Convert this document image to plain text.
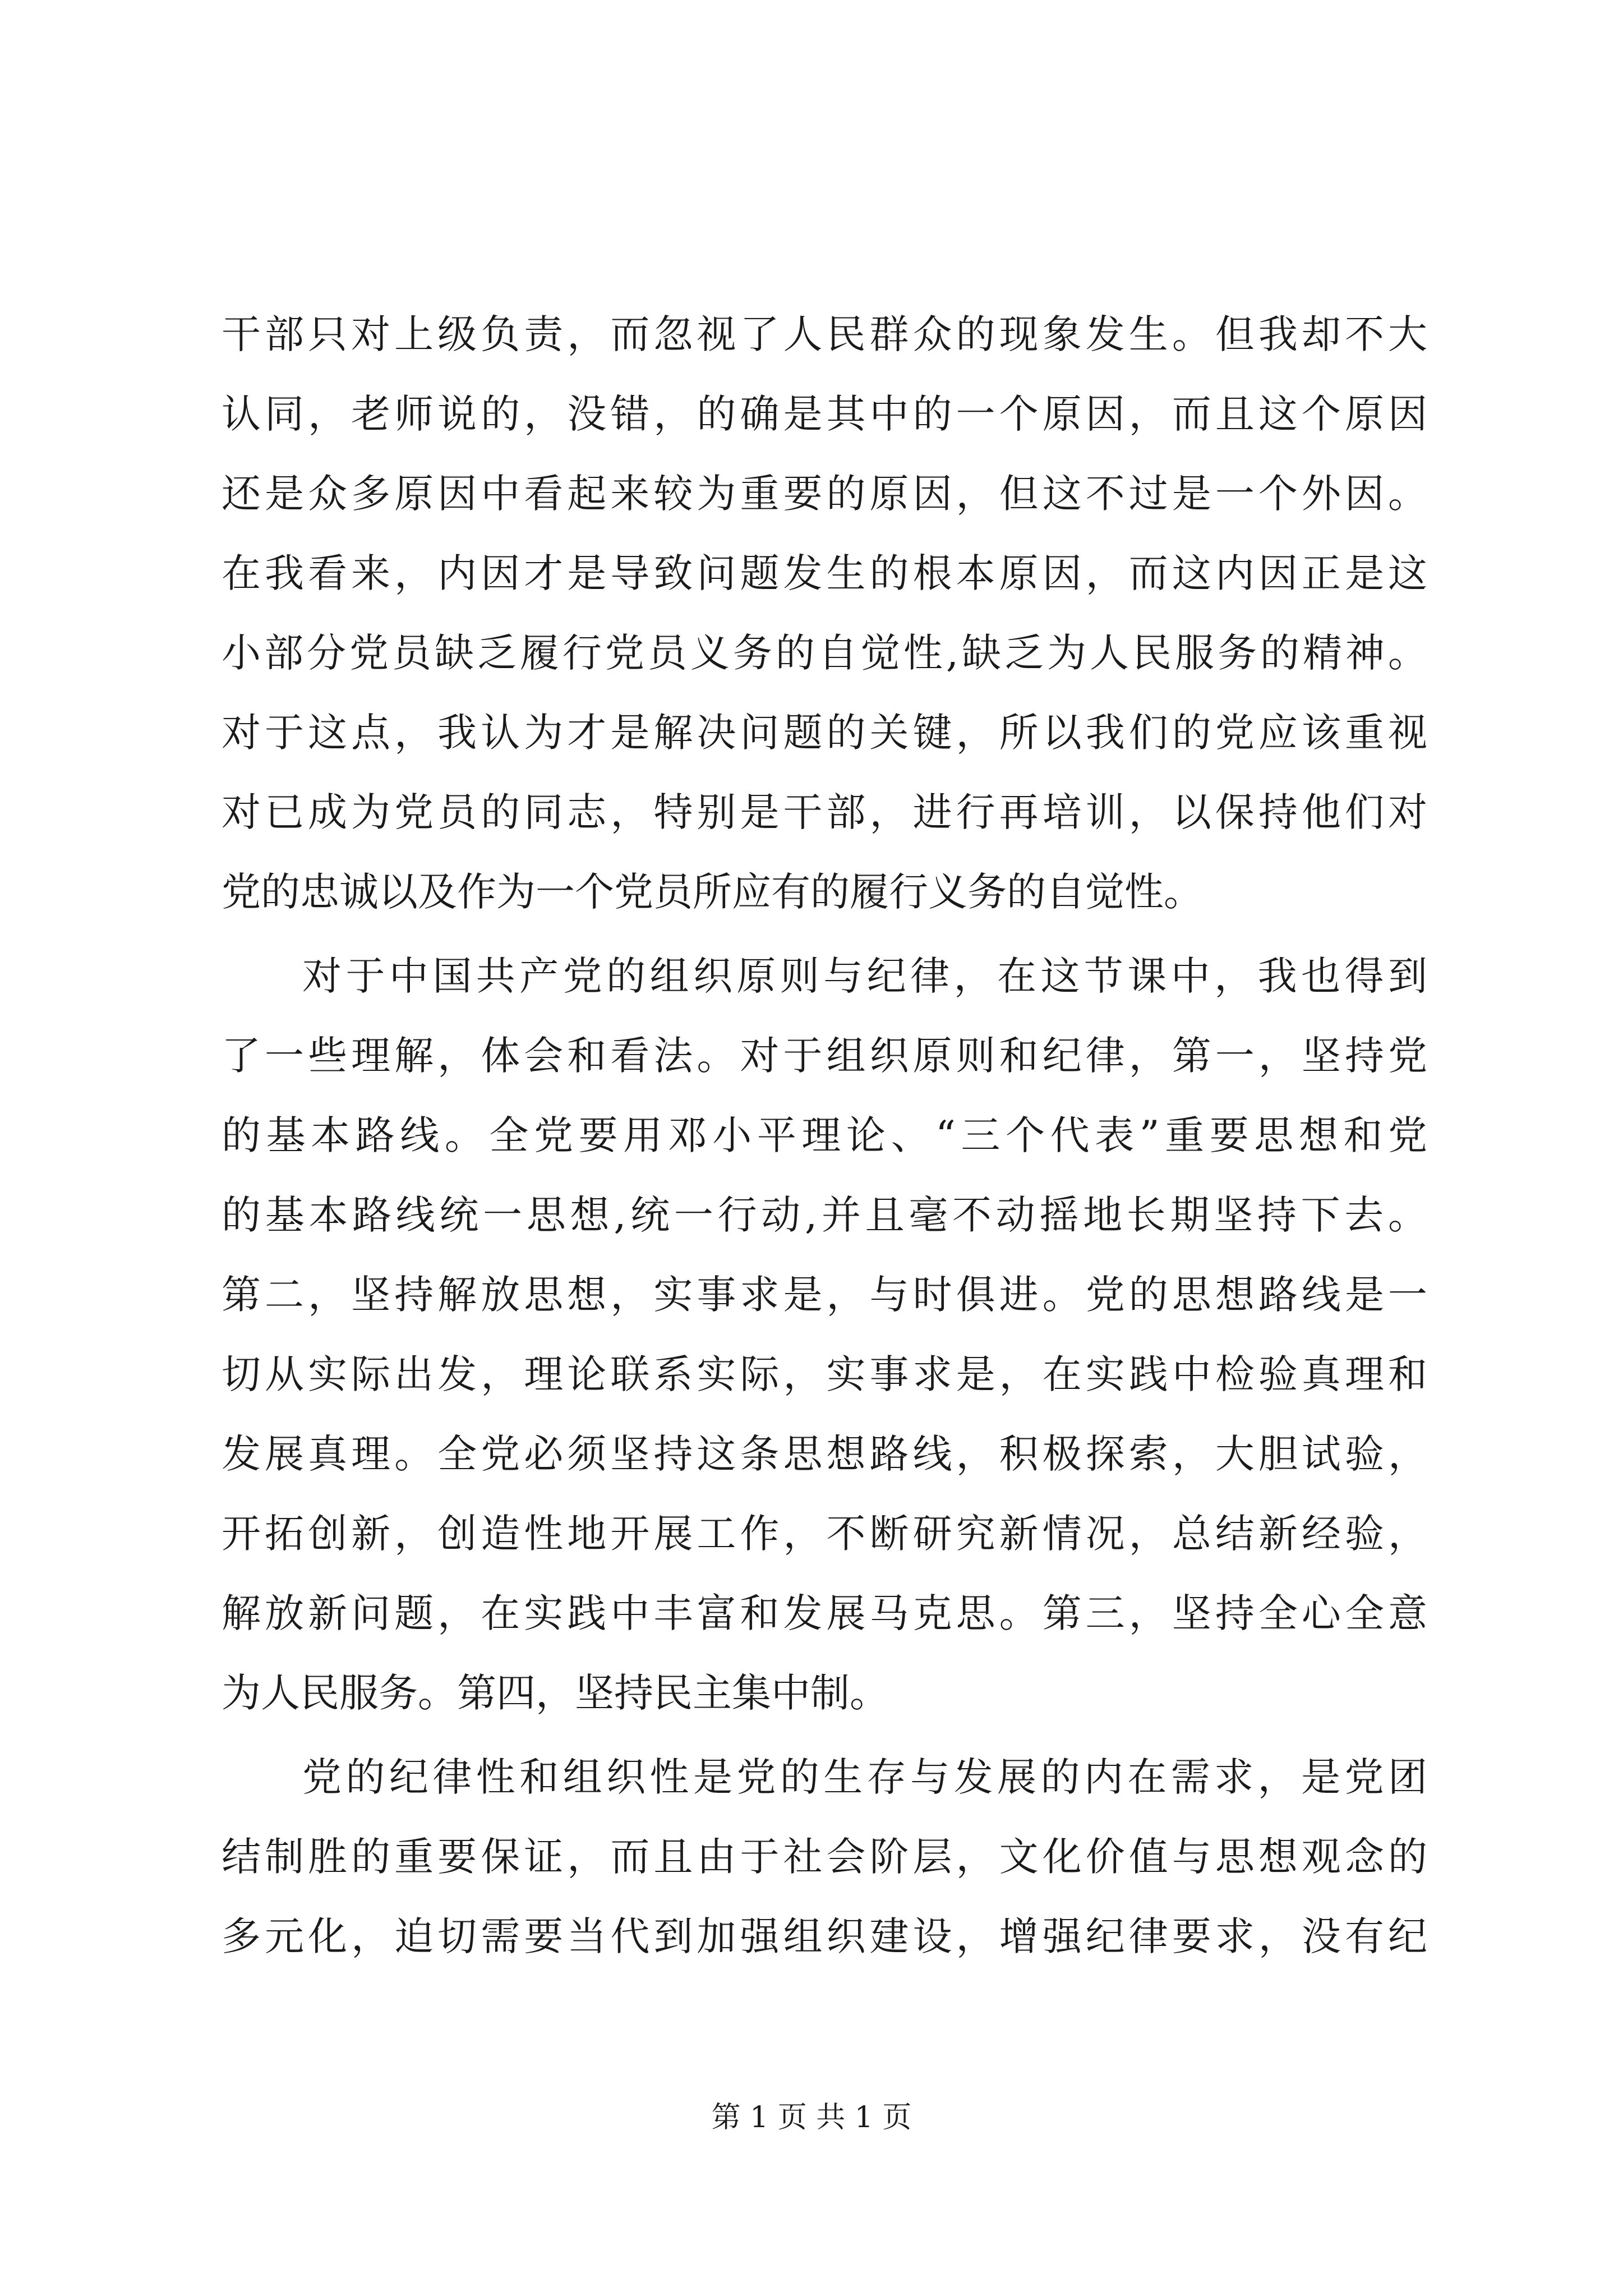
干部只对上级负责，而忽视了人民群众的现象发生。但我却不大
认同，老师说的，没错，的确是其中的一个原因，而且这个原因
还是众多原因中看起来较为重要的原因，但这不过是一个外因。
在我看来，内因才是导致问题发生的根本原因，而这内因正是这
小部分党员缺乏履行党员义务的自觉性,缺乏为人民服务的精神。
对于这点，我认为才是解决问题的关键，所以我们的党应该重视
对已成为党员的同志，特别是干部，进行再培训，以保持他们对
党的忠诚以及作为一个党员所应有的履行义务的自觉性。
对于中国共产党的组织原则与纪律，在这节课中，我也得到
了一些理解，体会和看法。对于组织原则和纪律，第一，坚持党
的基本路线。全党要用邓小平理论、“三个代表”重要思想和党
的基本路线统一思想,统一行动,并且毫不动摇地长期坚持下去。
第二，坚持解放思想，实事求是，与时俱进。党的思想路线是一
切从实际出发，理论联系实际，实事求是，在实践中检验真理和
发展真理。全党必须坚持这条思想路线，积极探索，大胆试验，
开拓创新，创造性地开展工作，不断研究新情况，总结新经验，
解放新问题，在实践中丰富和发展马克思。第三，坚持全心全意
为人民服务。第四，坚持民主集中制。
党的纪律性和组织性是党的生存与发展的内在需求，是党团
结制胜的重要保证，而且由于社会阶层，文化价值与思想观念的
多元化，迫切需要当代到加强组织建设，增强纪律要求，没有纪
第 1 页 共 1 页
